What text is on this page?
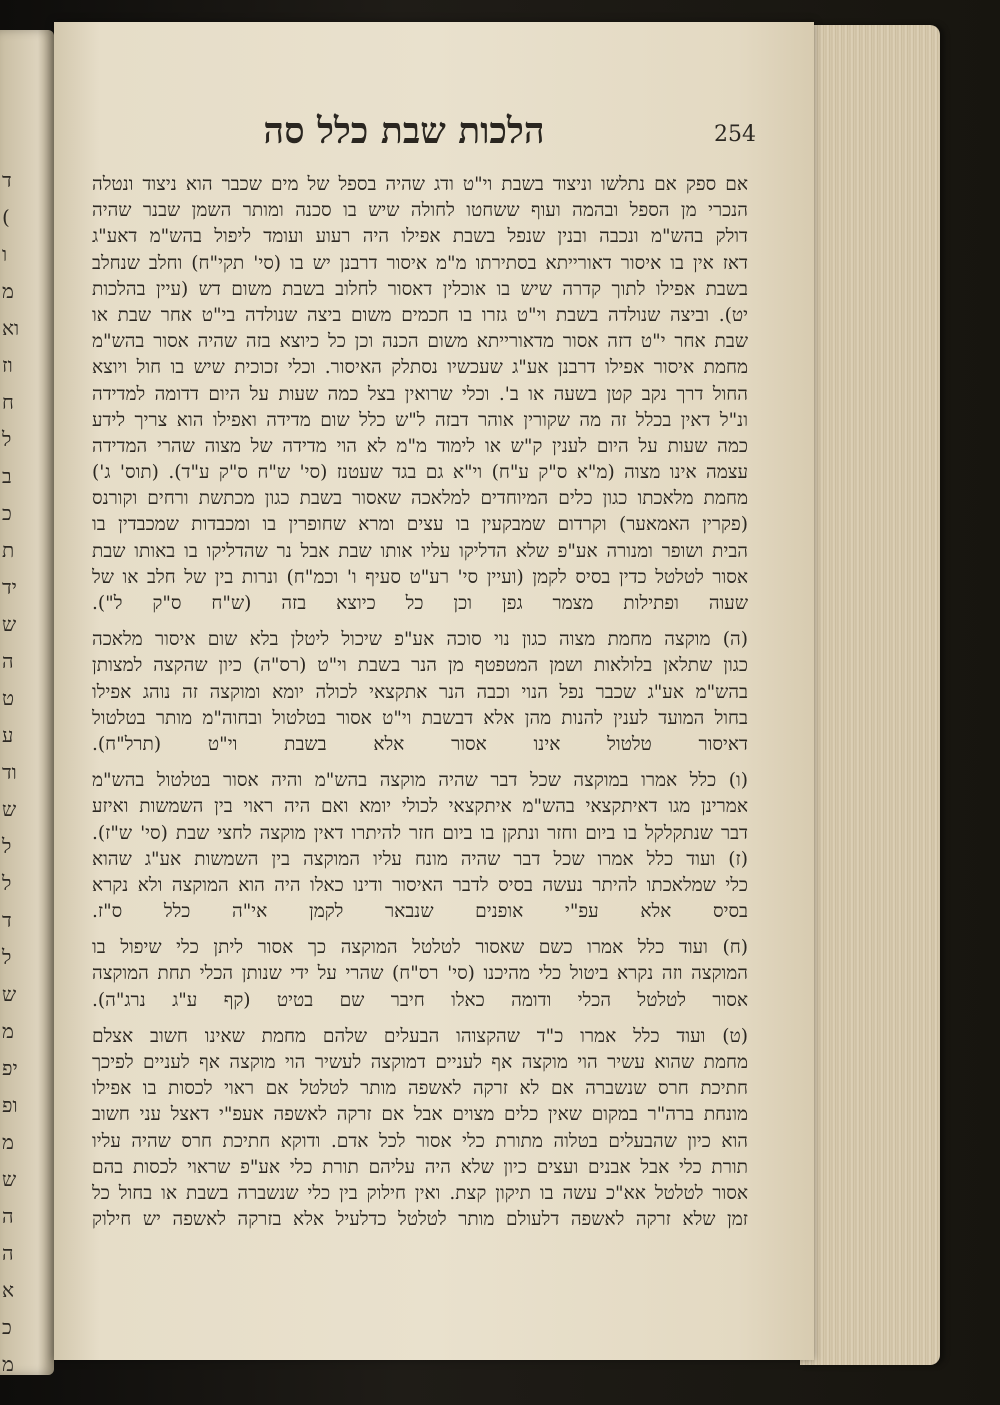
ד
(
ו
מ
וא
וז
ח
ל
ב
כ
ת
יד
ש
ה
ט
ע
וד
ש
ל
ל
ד
ל
ש
מ
יפ
ופ
מ
ש
ה
ה
א
כ
מ
254
הלכות שבת כלל סה
אם ספק אם נתלשו וניצוד בשבת וי"ט ודג שהיה בספל של מים שכבר הוא ניצוד ונטלה
הנכרי מן הספל ובהמה ועוף ששחטו לחולה שיש בו סכנה ומותר השמן שבנר שהיה
דולק בהש"מ ונכבה ובנין שנפל בשבת אפילו היה רעוע ועומד ליפול בהש"מ דאע"ג
דאז אין בו איסור דאורייתא בסתירתו מ"מ איסור דרבנן יש בו (סי' תקי"ח) וחלב שנחלב
בשבת אפילו לתוך קדרה שיש בו אוכלין דאסור לחלוב בשבת משום דש (עיין בהלכות
יט). וביצה שנולדה בשבת וי"ט גזרו בו חכמים משום ביצה שנולדה בי"ט אחר שבת או
שבת אחר י"ט דזה אסור מדאורייתא משום הכנה וכן כל כיוצא בזה שהיה אסור בהש"מ
מחמת איסור אפילו דרבנן אע"ג שעכשיו נסתלק האיסור. וכלי זכוכית שיש בו חול ויוצא
החול דרך נקב קטן בשעה או ב'. וכלי שרואין בצל כמה שעות על היום דדומה למדידה
ונ"ל דאין בכלל זה מה שקורין אוהר דבזה ל"ש כלל שום מדידה ואפילו הוא צריך לידע
כמה שעות על היום לענין ק"ש או לימוד מ"מ לא הוי מדידה של מצוה שהרי המדידה
עצמה אינו מצוה (מ"א ס"ק ע"ח) וי"א גם בגד שעטנז (סי' ש"ח ס"ק ע"ד). (תוס' ג')
מחמת מלאכתו כגון כלים המיוחדים למלאכה שאסור בשבת כגון מכתשת ורחים וקורנס
(פקרין האמאער) וקרדום שמבקעין בו עצים ומרא שחופרין בו ומכבדות שמכבדין בו
הבית ושופר ומנורה אע"פ שלא הדליקו עליו אותו שבת אבל נר שהדליקו בו באותו שבת
אסור לטלטל כדין בסיס לקמן (ועיין סי' רע"ט סעיף ו' וכמ"ח) ונרות בין של חלב או של
שעוה ופתילות מצמר גפן וכן כל כיוצא בזה (ש"ח ס"ק ל").
(ה) מוקצה מחמת מצוה כגון נוי סוכה אע"פ שיכול ליטלן בלא שום איסור מלאכה
כגון שתלאן בלולאות ושמן המטפטף מן הנר בשבת וי"ט (רס"ה) כיון שהקצה למצותן
בהש"מ אע"ג שכבר נפל הנוי וכבה הנר אתקצאי לכולה יומא ומוקצה זה נוהג אפילו
בחול המועד לענין להנות מהן אלא דבשבת וי"ט אסור בטלטול ובחוה"מ מותר בטלטול
דאיסור טלטול אינו אסור אלא בשבת וי"ט (תרל"ח).
(ו) כלל אמרו במוקצה שכל דבר שהיה מוקצה בהש"מ והיה אסור בטלטול בהש"מ
אמרינן מגו דאיתקצאי בהש"מ איתקצאי לכולי יומא ואם היה ראוי בין השמשות ואיזע
דבר שנתקלקל בו ביום וחזר ונתקן בו ביום חזר להיתרו דאין מוקצה לחצי שבת (סי' ש"ז).
(ז) ועוד כלל אמרו שכל דבר שהיה מונח עליו המוקצה בין השמשות אע"ג שהוא
כלי שמלאכתו להיתר נעשה בסיס לדבר האיסור ודינו כאלו היה הוא המוקצה ולא נקרא
בסיס אלא עפ"י אופנים שנבאר לקמן אי"ה כלל ס"ז.
(ח) ועוד כלל אמרו כשם שאסור לטלטל המוקצה כך אסור ליתן כלי שיפול בו
המוקצה וזה נקרא ביטול כלי מהיכנו (סי' רס"ח) שהרי על ידי שנותן הכלי תחת המוקצה
אסור לטלטל הכלי ודומה כאלו חיבר שם בטיט (קף ע"ג נרג"ה).
(ט) ועוד כלל אמרו כ"ד שהקצוהו הבעלים שלהם מחמת שאינו חשוב אצלם
מחמת שהוא עשיר הוי מוקצה אף לעניים דמוקצה לעשיר הוי מוקצה אף לעניים לפיכך
חתיכת חרס שנשברה אם לא זרקה לאשפה מותר לטלטל אם ראוי לכסות בו אפילו
מונחת ברה"ר במקום שאין כלים מצוים אבל אם זרקה לאשפה אעפ"י דאצל עני חשוב
הוא כיון שהבעלים בטלוה מתורת כלי אסור לכל אדם. ודוקא חתיכת חרס שהיה עליו
תורת כלי אבל אבנים ועצים כיון שלא היה עליהם תורת כלי אע"פ שראוי לכסות בהם
אסור לטלטל אא"כ עשה בו תיקון קצת. ואין חילוק בין כלי שנשברה בשבת או בחול כל
זמן שלא זרקה לאשפה דלעולם מותר לטלטל כדלעיל אלא בזרקה לאשפה יש חילוק
